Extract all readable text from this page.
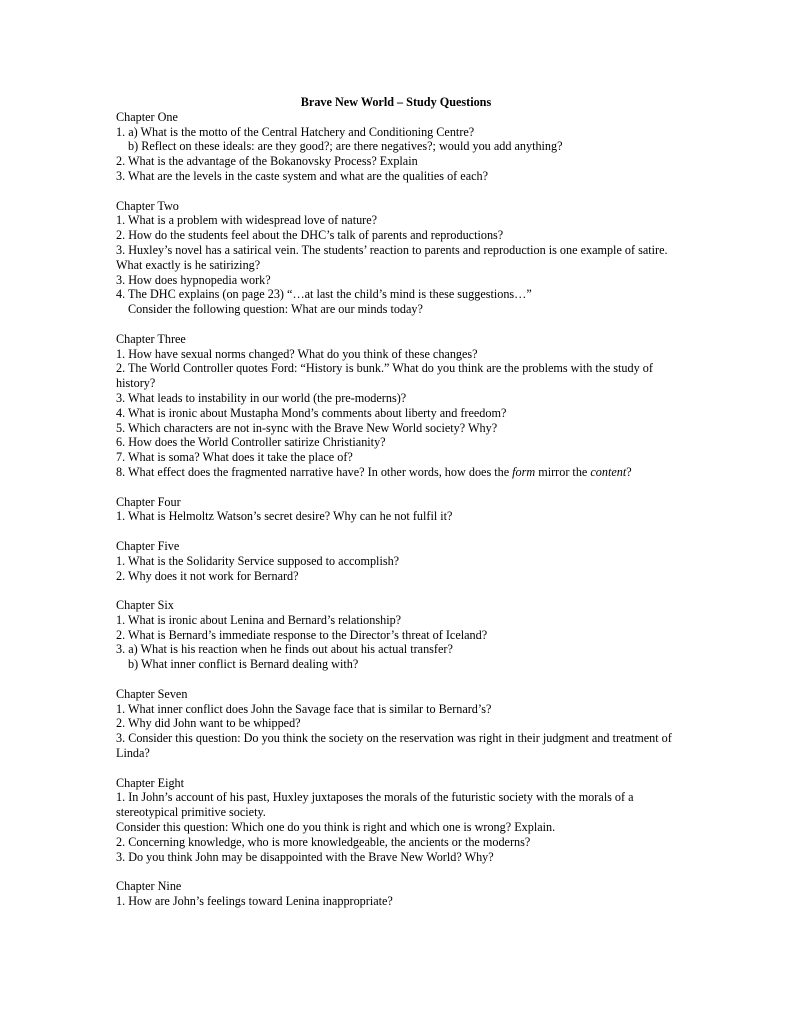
Brave New World – Study Questions
Chapter One
1. a) What is the motto of the Central Hatchery and Conditioning Centre?
b) Reflect on these ideals: are they good?; are there negatives?; would you add anything?
2. What is the advantage of the Bokanovsky Process? Explain
3. What are the levels in the caste system and what are the qualities of each?
Chapter Two
1. What is a problem with widespread love of nature?
2. How do the students feel about the DHC’s talk of parents and reproductions?
3. Huxley’s novel has a satirical vein. The students’ reaction to parents and reproduction is one example of satire. What exactly is he satirizing?
3. How does hypnopedia work?
4. The DHC explains (on page 23) “…at last the child’s mind is these suggestions…”
Consider the following question: What are our minds today?
Chapter Three
1. How have sexual norms changed? What do you think of these changes?
2. The World Controller quotes Ford: “History is bunk.” What do you think are the problems with the study of history?
3. What leads to instability in our world (the pre-moderns)?
4. What is ironic about Mustapha Mond’s comments about liberty and freedom?
5. Which characters are not in-sync with the Brave New World society? Why?
6. How does the World Controller satirize Christianity?
7. What is soma? What does it take the place of?
8. What effect does the fragmented narrative have? In other words, how does the form mirror the content?
Chapter Four
1. What is Helmoltz Watson’s secret desire? Why can he not fulfil it?
Chapter Five
1. What is the Solidarity Service supposed to accomplish?
2. Why does it not work for Bernard?
Chapter Six
1. What is ironic about Lenina and Bernard’s relationship?
2. What is Bernard’s immediate response to the Director’s threat of Iceland?
3. a) What is his reaction when he finds out about his actual transfer?
b) What inner conflict is Bernard dealing with?
Chapter Seven
1. What inner conflict does John the Savage face that is similar to Bernard’s?
2. Why did John want to be whipped?
3. Consider this question: Do you think the society on the reservation was right in their judgment and treatment of Linda?
Chapter Eight
1. In John’s account of his past, Huxley juxtaposes the morals of the futuristic society with the morals of a stereotypical primitive society.
Consider this question: Which one do you think is right and which one is wrong? Explain.
2. Concerning knowledge, who is more knowledgeable, the ancients or the moderns?
3. Do you think John may be disappointed with the Brave New World? Why?
Chapter Nine
1. How are John’s feelings toward Lenina inappropriate?
